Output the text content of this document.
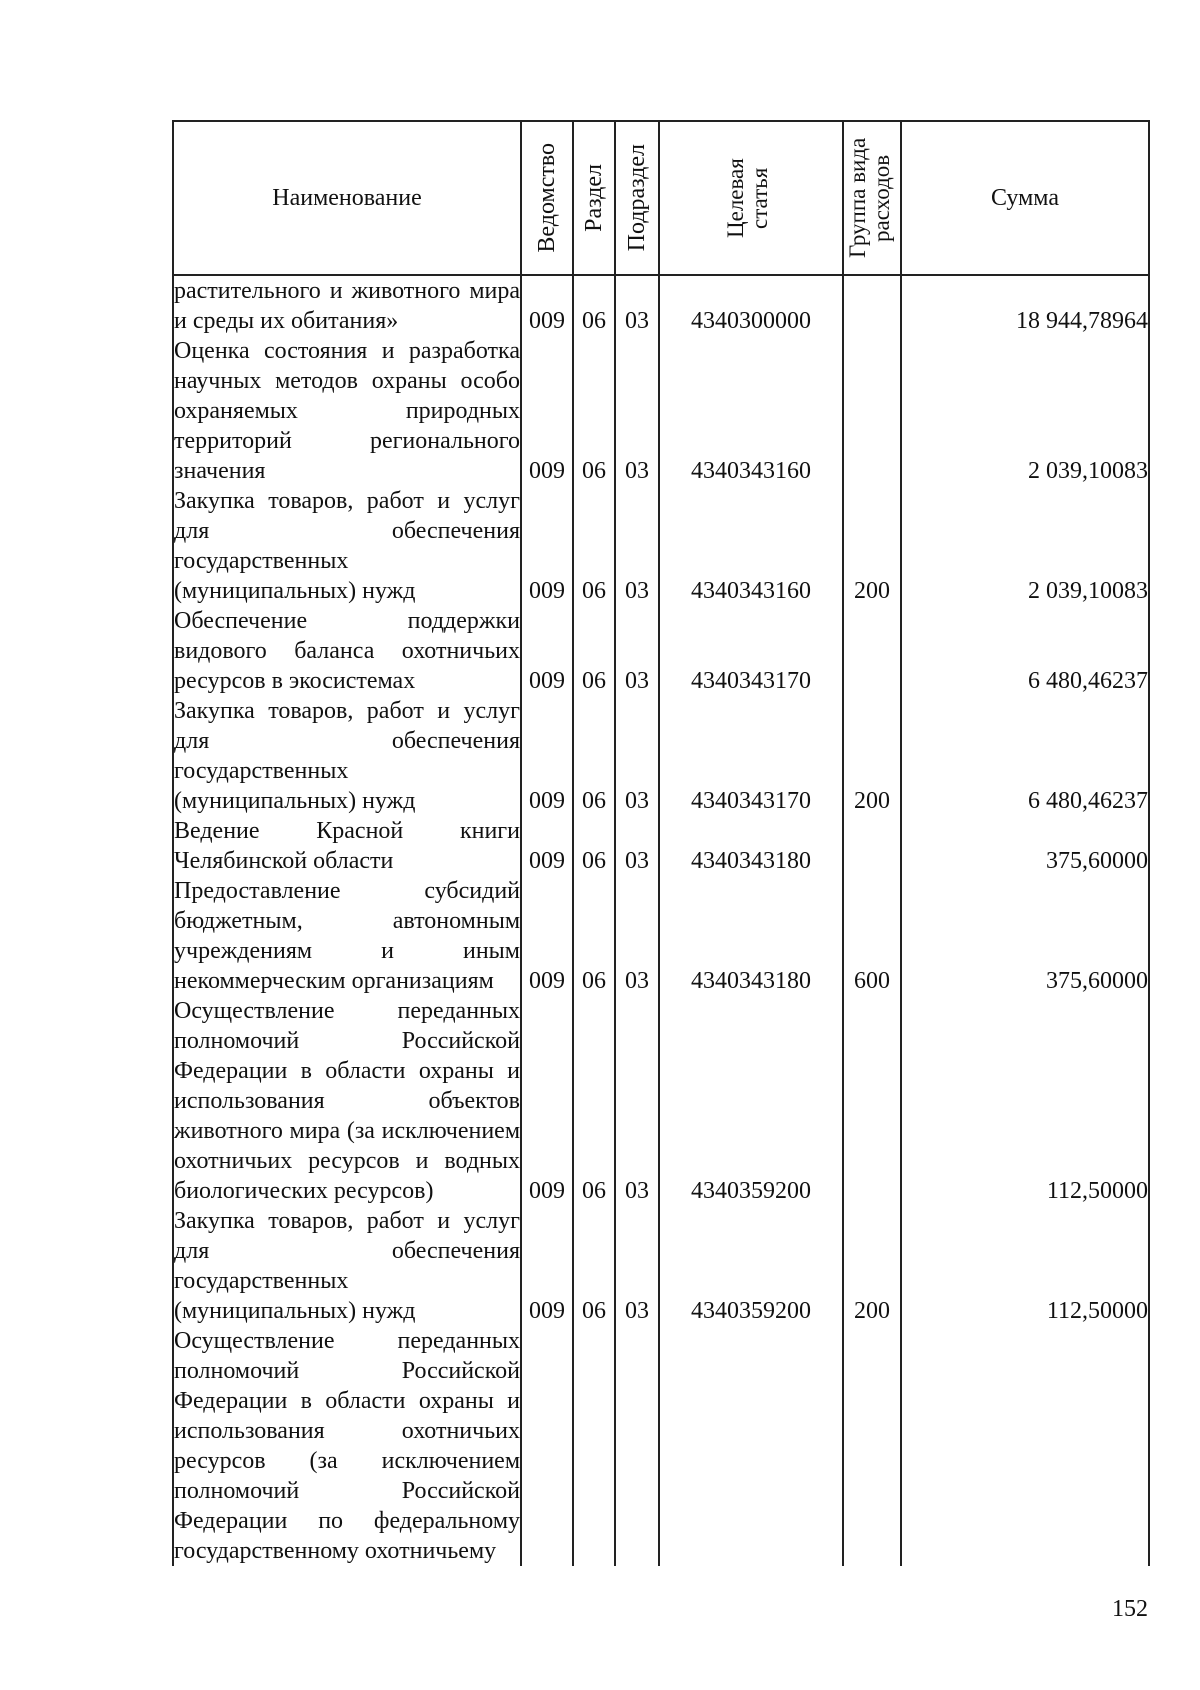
Наименование	Ведомство	Раздел	Подраздел	Целевая статья	Группа вида расходов	Сумма
растительного и животного мира и среды их обитания»	009	06	03	4340300000		18 944,78964
Оценка состояния и разработка научных методов охраны особо охраняемых природных территорий регионального значения	009	06	03	4340343160		2 039,10083
Закупка товаров, работ и услуг для обеспечения государственных (муниципальных) нужд	009	06	03	4340343160	200	2 039,10083
Обеспечение поддержки видового баланса охотничьих ресурсов в экосистемах	009	06	03	4340343170		6 480,46237
Закупка товаров, работ и услуг для обеспечения государственных (муниципальных) нужд	009	06	03	4340343170	200	6 480,46237
Ведение Красной книги Челябинской области	009	06	03	4340343180		375,60000
Предоставление субсидий бюджетным, автономным учреждениям и иным некоммерческим организациям	009	06	03	4340343180	600	375,60000
Осуществление переданных полномочий Российской Федерации в области охраны и использования объектов животного мира (за исключением охотничьих ресурсов и водных биологических ресурсов)	009	06	03	4340359200		112,50000
Закупка товаров, работ и услуг для обеспечения государственных (муниципальных) нужд	009	06	03	4340359200	200	112,50000
Осуществление переданных полномочий Российской Федерации в области охраны и использования охотничьих ресурсов (за исключением полномочий Российской Федерации по федеральному государственному охотничьему						
152
